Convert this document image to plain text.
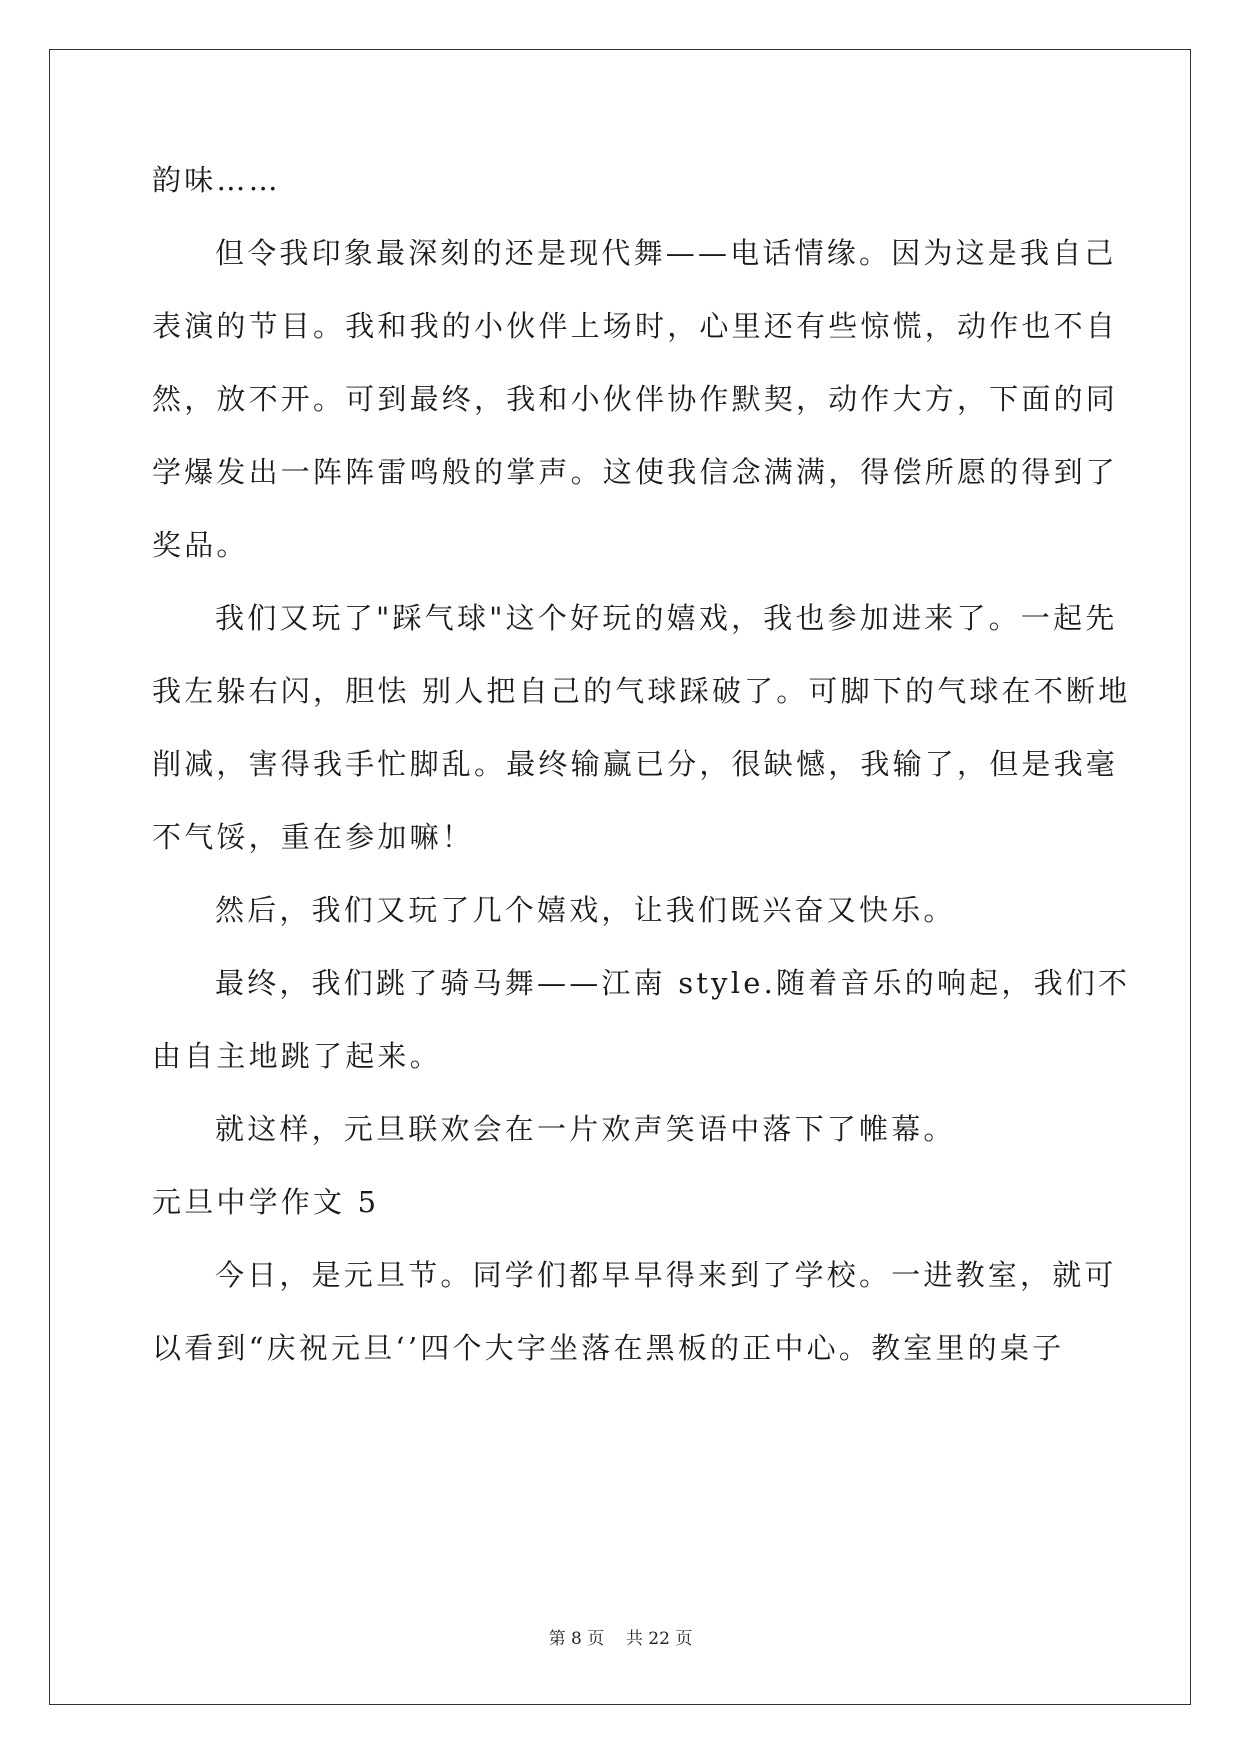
韵味……

但令我印象最深刻的还是现代舞——电话情缘。因为这是我自己

表演的节目。我和我的小伙伴上场时，心里还有些惊慌，动作也不自

然，放不开。可到最终，我和小伙伴协作默契，动作大方，下面的同

学爆发出一阵阵雷鸣般的掌声。这使我信念满满，得偿所愿的得到了

奖品。

我们又玩了"踩气球"这个好玩的嬉戏，我也参加进来了。一起先

我左躲右闪，胆怯 别人把自己的气球踩破了。可脚下的气球在不断地

削减，害得我手忙脚乱。最终输赢已分，很缺憾，我输了，但是我毫

不气馁，重在参加嘛！

然后，我们又玩了几个嬉戏，让我们既兴奋又快乐。

最终，我们跳了骑马舞——江南 style.随着音乐的响起，我们不

由自主地跳了起来。

就这样，元旦联欢会在一片欢声笑语中落下了帷幕。

元旦中学作文 5

今日，是元旦节。同学们都早早得来到了学校。一进教室，就可

以看到“庆祝元旦‘’四个大字坐落在黑板的正中心。教室里的桌子

第 8 页 共 22 页
